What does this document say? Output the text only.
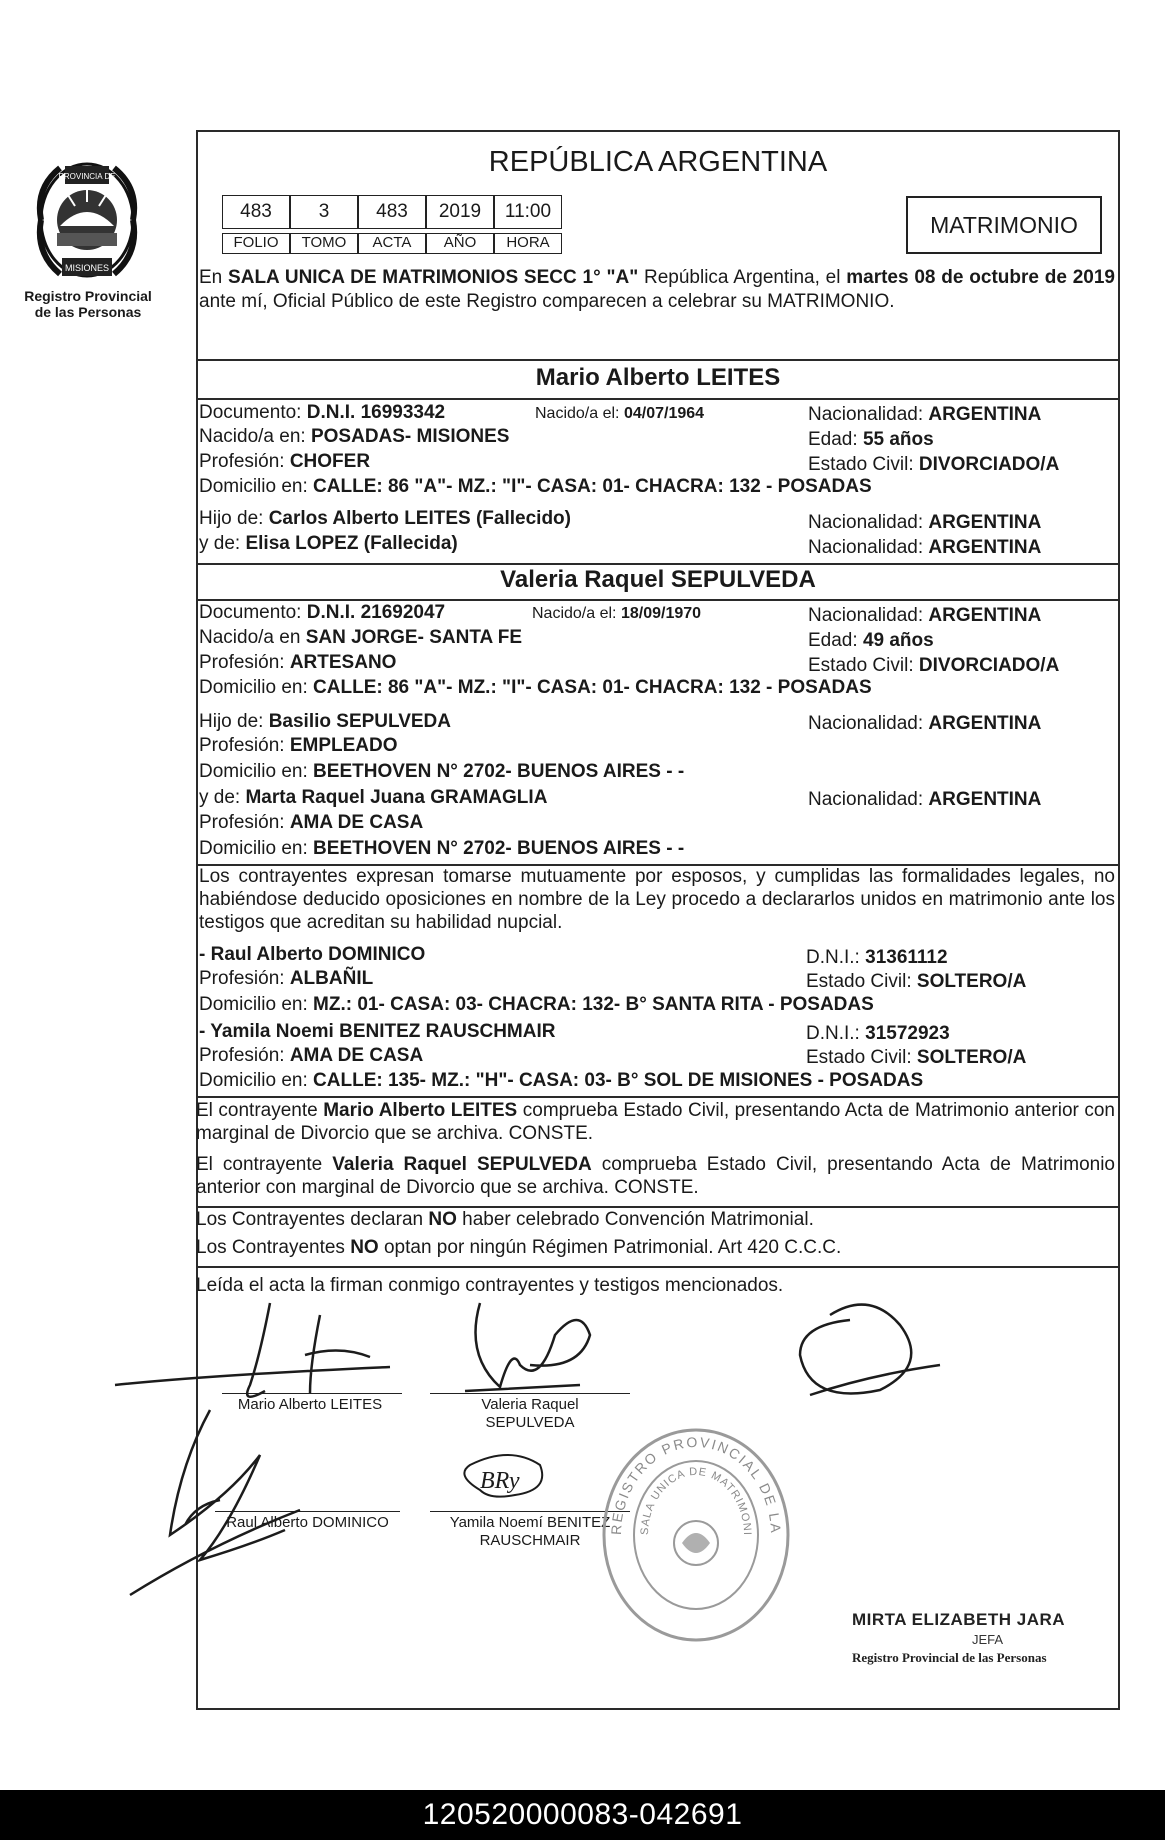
PROVINCIA DE
MISIONES
Registro Provincial
de las Personas
REPÚBLICA ARGENTINA
483	3	483	2019	11:00
FOLIO	TOMO	ACTA	AÑO	HORA
MATRIMONIO
En SALA UNICA DE MATRIMONIOS SECC 1° "A" República Argentina, el martes 08 de octubre de 2019 ante mí, Oficial Público de este Registro comparecen a celebrar su MATRIMONIO.
Mario Alberto LEITES
Documento: D.N.I. 16993342	Nacido/a el: 04/07/1964	Nacionalidad: ARGENTINA
Nacido/a en: POSADAS- MISIONES	Edad: 55 años
Profesión: CHOFER	Estado Civil: DIVORCIADO/A
Domicilio en: CALLE: 86 "A"- MZ.: "I"- CASA: 01- CHACRA: 132 - POSADAS
Hijo de: Carlos Alberto LEITES (Fallecido)	Nacionalidad: ARGENTINA
y de: Elisa LOPEZ (Fallecida)	Nacionalidad: ARGENTINA
Valeria Raquel SEPULVEDA
Documento: D.N.I. 21692047	Nacido/a el: 18/09/1970	Nacionalidad: ARGENTINA
Nacido/a en SAN JORGE- SANTA FE	Edad: 49 años
Profesión: ARTESANO	Estado Civil: DIVORCIADO/A
Domicilio en: CALLE: 86 "A"- MZ.: "I"- CASA: 01- CHACRA: 132 - POSADAS
Hijo de: Basilio SEPULVEDA	Nacionalidad: ARGENTINA
Profesión: EMPLEADO
Domicilio en: BEETHOVEN N° 2702- BUENOS AIRES - -
y de: Marta Raquel Juana GRAMAGLIA	Nacionalidad: ARGENTINA
Profesión: AMA DE CASA
Domicilio en: BEETHOVEN N° 2702- BUENOS AIRES - -
Los contrayentes expresan tomarse mutuamente por esposos, y cumplidas las formalidades legales, no habiéndose deducido oposiciones en nombre de la Ley procedo a declararlos unidos en matrimonio ante los testigos que acreditan su habilidad nupcial.
- Raul Alberto DOMINICO	D.N.I.: 31361112
Profesión: ALBAÑIL	Estado Civil: SOLTERO/A
Domicilio en: MZ.: 01- CASA: 03- CHACRA: 132- B° SANTA RITA - POSADAS
- Yamila Noemi BENITEZ RAUSCHMAIR	D.N.I.: 31572923
Profesión: AMA DE CASA	Estado Civil: SOLTERO/A
Domicilio en: CALLE: 135- MZ.: "H"- CASA: 03- B° SOL DE MISIONES - POSADAS
El contrayente Mario Alberto LEITES comprueba Estado Civil, presentando Acta de Matrimonio anterior con marginal de Divorcio que se archiva. CONSTE.
El contrayente Valeria Raquel SEPULVEDA comprueba Estado Civil, presentando Acta de Matrimonio anterior con marginal de Divorcio que se archiva. CONSTE.
Los Contrayentes declaran NO haber celebrado Convención Matrimonial.
Los Contrayentes NO optan por ningún Régimen Patrimonial. Art 420 C.C.C.
Leída el acta la firman conmigo contrayentes y testigos mencionados.
Mario Alberto LEITES	Valeria Raquel
SEPULVEDA
Raul Alberto DOMINICO	Yamila Noemí BENITEZ
RAUSCHMAIR
BRy
REGISTRO PROVINCIAL DE LA
SALA UNICA DE MATRIMONI
MIRTA ELIZABETH JARA
JEFA
Registro Provincial de las Personas
120520000083-042691
